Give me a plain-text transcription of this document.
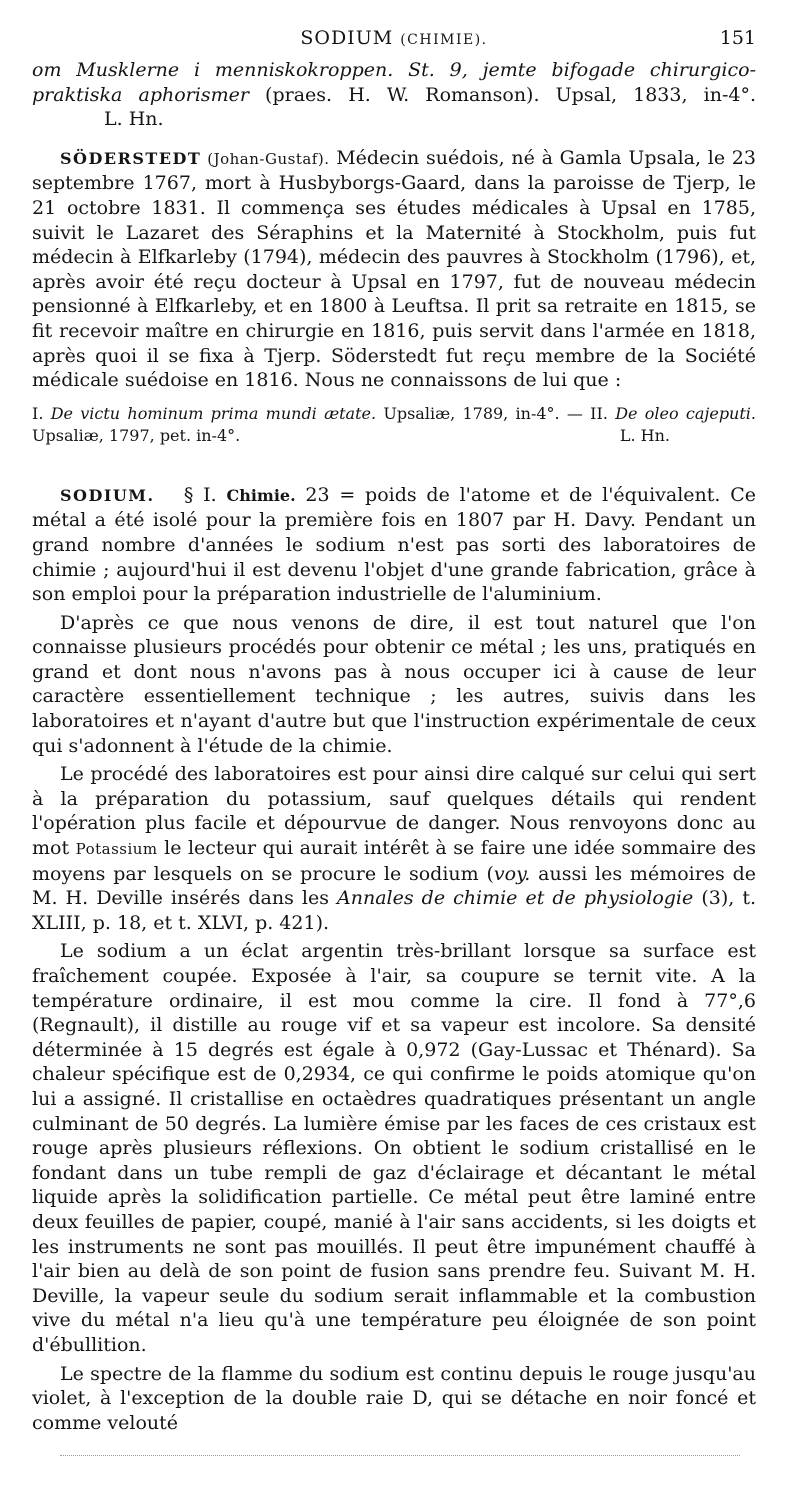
SODIUM (CHIMIE).	151

om Musklerne i menniskokroppen. St. 9, jemte bifogade chirurgico-praktiska aphorismer (praes. H. W. Romanson). Upsal, 1833, in-4°.L. Hn.

SÖDERSTEDT (Johan-Gustaf). Médecin suédois, né à Gamla Upsala, le 23 septembre 1767, mort à Husbyborgs-Gaard, dans la paroisse de Tjerp, le 21 octobre 1831. Il commença ses études médicales à Upsal en 1785, suivit le Lazaret des Séraphins et la Maternité à Stockholm, puis fut médecin à Elfkarleby (1794), médecin des pauvres à Stockholm (1796), et, après avoir été reçu docteur à Upsal en 1797, fut de nouveau médecin pensionné à Elfkarleby, et en 1800 à Leuftsa. Il prit sa retraite en 1815, se fit recevoir maître en chirurgie en 1816, puis servit dans l'armée en 1818, après quoi il se fixa à Tjerp. Söderstedt fut reçu membre de la Société médicale suédoise en 1816. Nous ne connaissons de lui que :

I. De victu hominum prima mundi ætate. Upsaliæ, 1789, in-4°. — II. De oleo cajeputi. Upsaliæ, 1797, pet. in-4°.	L. Hn.

SODIUM. § I. Chimie. 23 = poids de l'atome et de l'équivalent. Ce métal a été isolé pour la première fois en 1807 par H. Davy. Pendant un grand nombre d'années le sodium n'est pas sorti des laboratoires de chimie ; aujourd'hui il est devenu l'objet d'une grande fabrication, grâce à son emploi pour la préparation industrielle de l'aluminium.

D'après ce que nous venons de dire, il est tout naturel que l'on connaisse plusieurs procédés pour obtenir ce métal ; les uns, pratiqués en grand et dont nous n'avons pas à nous occuper ici à cause de leur caractère essentiellement technique ; les autres, suivis dans les laboratoires et n'ayant d'autre but que l'instruction expérimentale de ceux qui s'adonnent à l'étude de la chimie.

Le procédé des laboratoires est pour ainsi dire calqué sur celui qui sert à la préparation du potassium, sauf quelques détails qui rendent l'opération plus facile et dépourvue de danger. Nous renvoyons donc au mot Potassium le lecteur qui aurait intérêt à se faire une idée sommaire des moyens par lesquels on se procure le sodium (voy. aussi les mémoires de M. H. Deville insérés dans les Annales de chimie et de physiologie (3), t. XLIII, p. 18, et t. XLVI, p. 421).

Le sodium a un éclat argentin très-brillant lorsque sa surface est fraîchement coupée. Exposée à l'air, sa coupure se ternit vite. A la température ordinaire, il est mou comme la cire. Il fond à 77°,6 (Regnault), il distille au rouge vif et sa vapeur est incolore. Sa densité déterminée à 15 degrés est égale à 0,972 (Gay-Lussac et Thénard). Sa chaleur spécifique est de 0,2934, ce qui confirme le poids atomique qu'on lui a assigné. Il cristallise en octaèdres quadratiques présentant un angle culminant de 50 degrés. La lumière émise par les faces de ces cristaux est rouge après plusieurs réflexions. On obtient le sodium cristallisé en le fondant dans un tube rempli de gaz d'éclairage et décantant le métal liquide après la solidification partielle. Ce métal peut être laminé entre deux feuilles de papier, coupé, manié à l'air sans accidents, si les doigts et les instruments ne sont pas mouillés. Il peut être impunément chauffé à l'air bien au delà de son point de fusion sans prendre feu. Suivant M. H. Deville, la vapeur seule du sodium serait inflammable et la combustion vive du métal n'a lieu qu'à une température peu éloignée de son point d'ébullition.

Le spectre de la flamme du sodium est continu depuis le rouge jusqu'au violet, à l'exception de la double raie D, qui se détache en noir foncé et comme velouté
